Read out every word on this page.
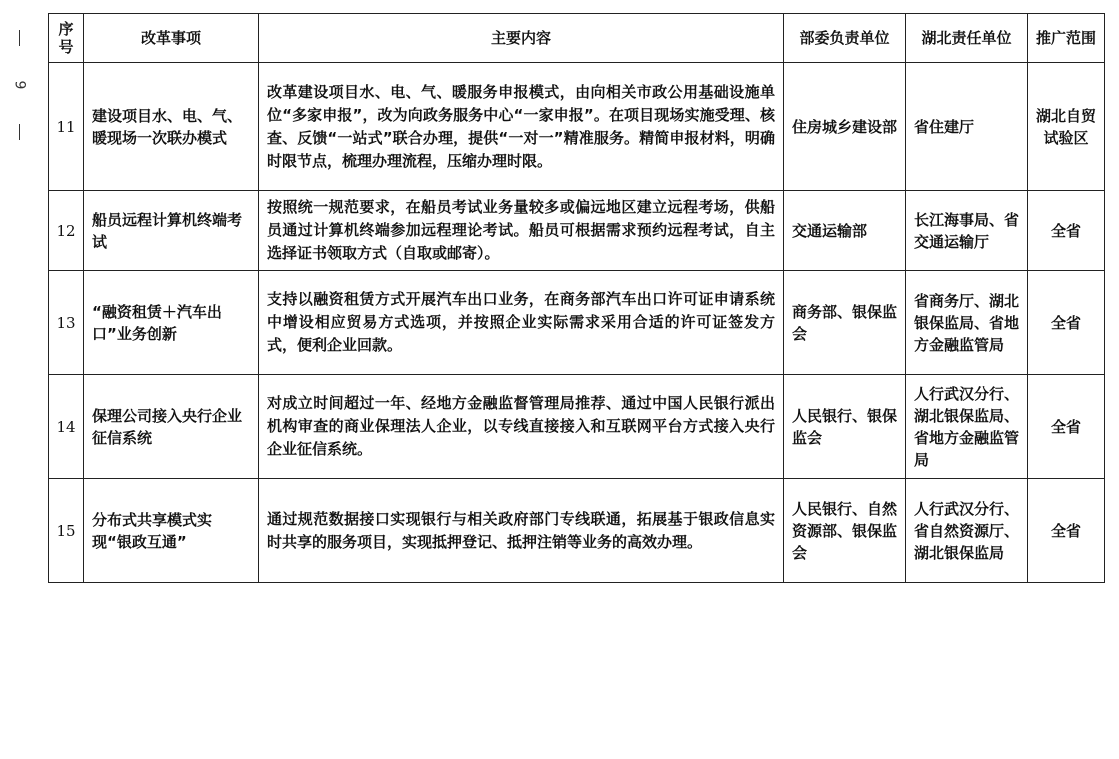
9
序号	改革事项	主要内容	部委负责单位	湖北责任单位	推广范围
11	建设项目水、电、气、暖现场一次联办模式	改革建设项目水、电、气、暖服务申报模式，由向相关市政公用基础设施单位“多家申报”，改为向政务服务中心“一家申报”。在项目现场实施受理、核查、反馈“一站式”联合办理，提供“一对一”精准服务。精简申报材料，明确时限节点，梳理办理流程，压缩办理时限。	住房城乡建设部	省住建厅	湖北自贸试验区
12	船员远程计算机终端考试	按照统一规范要求，在船员考试业务量较多或偏远地区建立远程考场，供船员通过计算机终端参加远程理论考试。船员可根据需求预约远程考试，自主选择证书领取方式（自取或邮寄）。	交通运输部	长江海事局、省交通运输厅	全省
13	“融资租赁＋汽车出口”业务创新	支持以融资租赁方式开展汽车出口业务，在商务部汽车出口许可证申请系统中增设相应贸易方式选项，并按照企业实际需求采用合适的许可证签发方式，便利企业回款。	商务部、银保监会	省商务厅、湖北银保监局、省地方金融监管局	全省
14	保理公司接入央行企业征信系统	对成立时间超过一年、经地方金融监督管理局推荐、通过中国人民银行派出机构审查的商业保理法人企业，以专线直接接入和互联网平台方式接入央行企业征信系统。	人民银行、银保监会	人行武汉分行、湖北银保监局、省地方金融监管局	全省
15	分布式共享模式实现“银政互通”	通过规范数据接口实现银行与相关政府部门专线联通，拓展基于银政信息实时共享的服务项目，实现抵押登记、抵押注销等业务的高效办理。	人民银行、自然资源部、银保监会	人行武汉分行、省自然资源厅、湖北银保监局	全省
